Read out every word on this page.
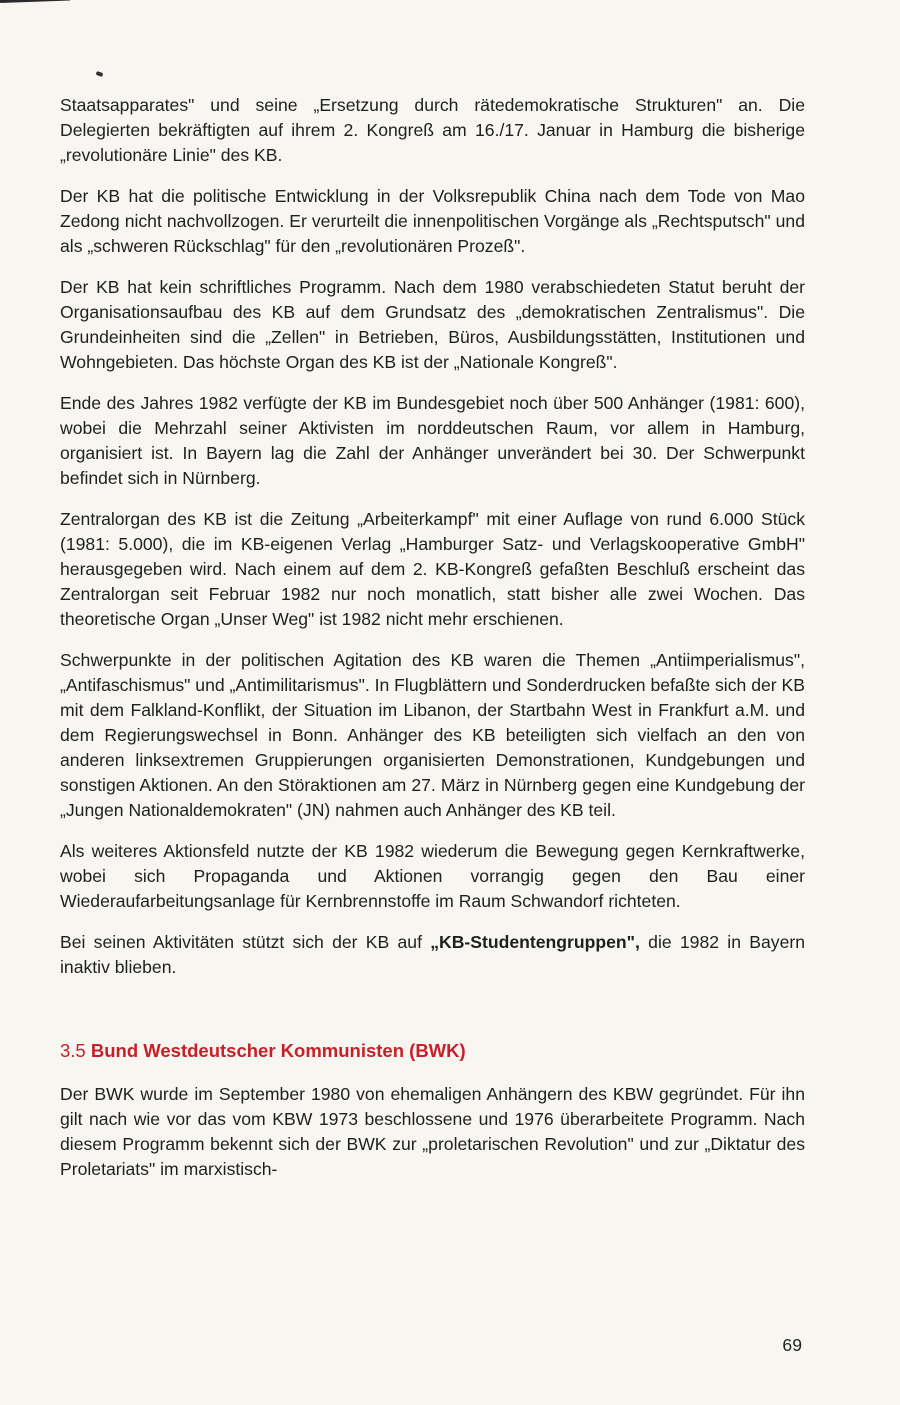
Staatsapparates" und seine „Ersetzung durch rätedemokratische Strukturen" an. Die Delegierten bekräftigten auf ihrem 2. Kongreß am 16./17. Januar in Hamburg die bisherige „revolutionäre Linie" des KB.

Der KB hat die politische Entwicklung in der Volksrepublik China nach dem Tode von Mao Zedong nicht nachvollzogen. Er verurteilt die innenpolitischen Vorgänge als „Rechtsputsch" und als „schweren Rückschlag" für den „revolutionären Prozeß".

Der KB hat kein schriftliches Programm. Nach dem 1980 verabschiedeten Statut beruht der Organisationsaufbau des KB auf dem Grundsatz des „demokratischen Zentralismus". Die Grundeinheiten sind die „Zellen" in Betrieben, Büros, Ausbildungsstätten, Institutionen und Wohngebieten. Das höchste Organ des KB ist der „Nationale Kongreß".

Ende des Jahres 1982 verfügte der KB im Bundesgebiet noch über 500 Anhänger (1981: 600), wobei die Mehrzahl seiner Aktivisten im norddeutschen Raum, vor allem in Hamburg, organisiert ist. In Bayern lag die Zahl der Anhänger unverändert bei 30. Der Schwerpunkt befindet sich in Nürnberg.

Zentralorgan des KB ist die Zeitung „Arbeiterkampf" mit einer Auflage von rund 6.000 Stück (1981: 5.000), die im KB-eigenen Verlag „Hamburger Satz- und Verlagskooperative GmbH" herausgegeben wird. Nach einem auf dem 2. KB-Kongreß gefaßten Beschluß erscheint das Zentralorgan seit Februar 1982 nur noch monatlich, statt bisher alle zwei Wochen. Das theoretische Organ „Unser Weg" ist 1982 nicht mehr erschienen.

Schwerpunkte in der politischen Agitation des KB waren die Themen „Antiimperialismus", „Antifaschismus" und „Antimilitarismus". In Flugblättern und Sonderdrucken befaßte sich der KB mit dem Falkland-Konflikt, der Situation im Libanon, der Startbahn West in Frankfurt a.M. und dem Regierungswechsel in Bonn. Anhänger des KB beteiligten sich vielfach an den von anderen linksextremen Gruppierungen organisierten Demonstrationen, Kundgebungen und sonstigen Aktionen. An den Störaktionen am 27. März in Nürnberg gegen eine Kundgebung der „Jungen Nationaldemokraten" (JN) nahmen auch Anhänger des KB teil.

Als weiteres Aktionsfeld nutzte der KB 1982 wiederum die Bewegung gegen Kernkraftwerke, wobei sich Propaganda und Aktionen vorrangig gegen den Bau einer Wiederaufarbeitungsanlage für Kernbrennstoffe im Raum Schwandorf richteten.

Bei seinen Aktivitäten stützt sich der KB auf „KB-Studentengruppen", die 1982 in Bayern inaktiv blieben.

3.5 Bund Westdeutscher Kommunisten (BWK)

Der BWK wurde im September 1980 von ehemaligen Anhängern des KBW gegründet. Für ihn gilt nach wie vor das vom KBW 1973 beschlossene und 1976 überarbeitete Programm. Nach diesem Programm bekennt sich der BWK zur „proletarischen Revolution" und zur „Diktatur des Proletariats" im marxistisch-

69
